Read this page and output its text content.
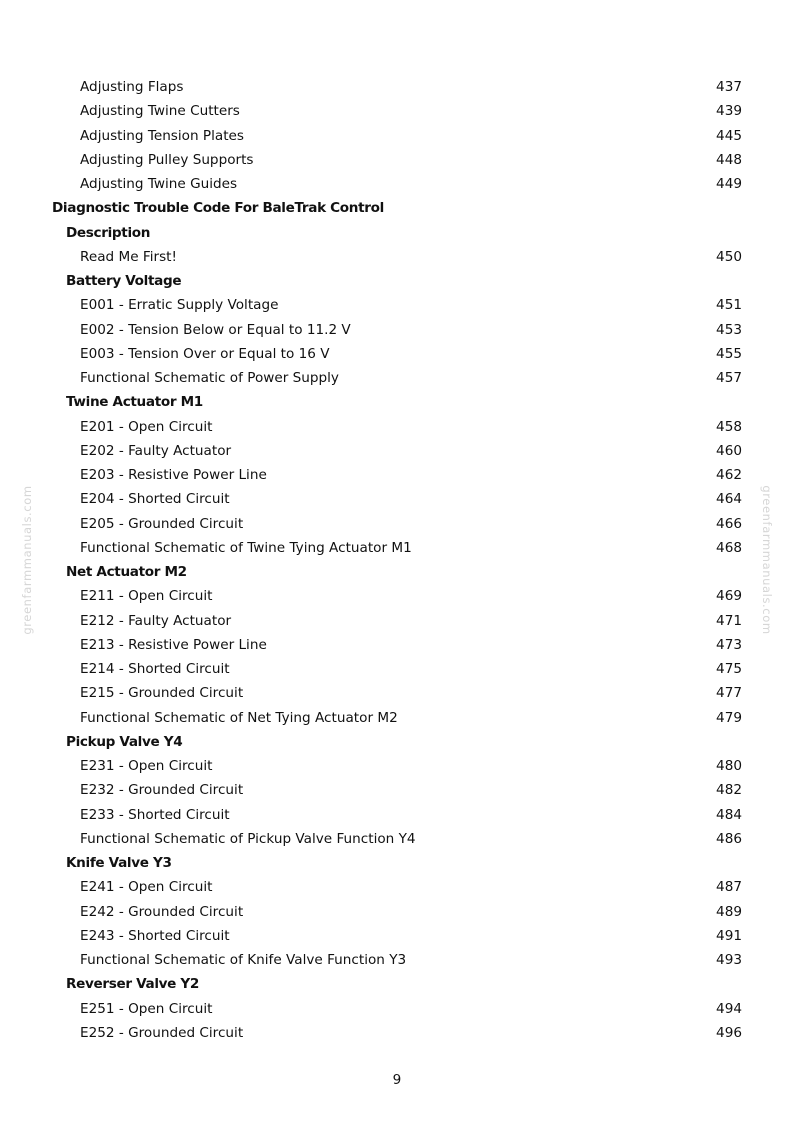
greenfarmmanuals.com	greenfarmmanuals.com
Adjusting Flaps	437
Adjusting Twine Cutters	439
Adjusting Tension Plates	445
Adjusting Pulley Supports	448
Adjusting Twine Guides	449
Diagnostic Trouble Code For BaleTrak Control
Description
Read Me First!	450
Battery Voltage
E001 - Erratic Supply Voltage	451
E002 - Tension Below or Equal to 11.2 V	453
E003 - Tension Over or Equal to 16 V	455
Functional Schematic of Power Supply	457
Twine Actuator M1
E201 - Open Circuit	458
E202 - Faulty Actuator	460
E203 - Resistive Power Line	462
E204 - Shorted Circuit	464
E205 - Grounded Circuit	466
Functional Schematic of Twine Tying Actuator M1	468
Net Actuator M2
E211 - Open Circuit	469
E212 - Faulty Actuator	471
E213 - Resistive Power Line	473
E214 - Shorted Circuit	475
E215 - Grounded Circuit	477
Functional Schematic of Net Tying Actuator M2	479
Pickup Valve Y4
E231 - Open Circuit	480
E232 - Grounded Circuit	482
E233 - Shorted Circuit	484
Functional Schematic of Pickup Valve Function Y4	486
Knife Valve Y3
E241 - Open Circuit	487
E242 - Grounded Circuit	489
E243 - Shorted Circuit	491
Functional Schematic of Knife Valve Function Y3	493
Reverser Valve Y2
E251 - Open Circuit	494
E252 - Grounded Circuit	496
9
